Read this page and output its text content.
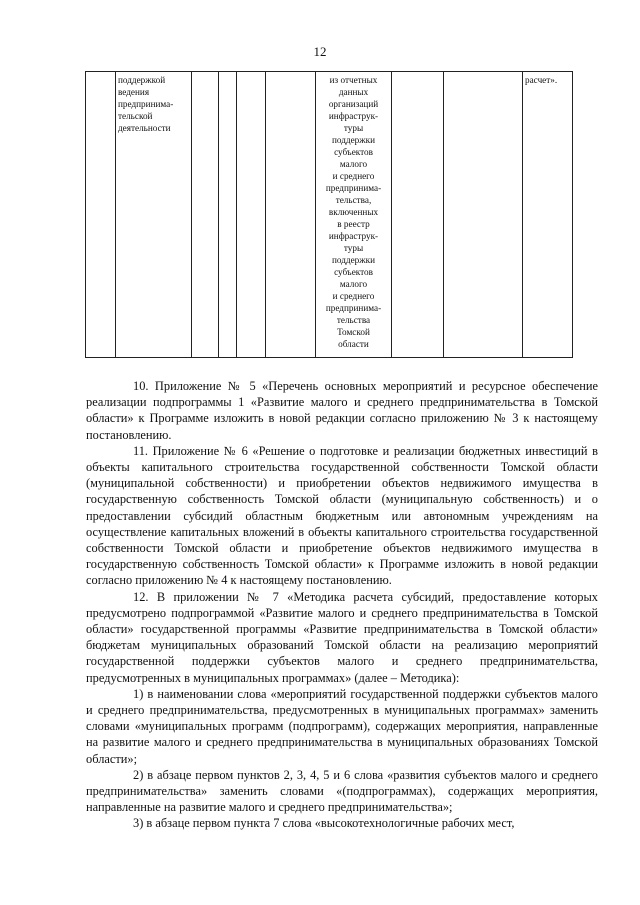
12

поддержкой
ведения
предпринима-
тельской
деятельности

из отчетных
данных
организаций
инфраструк-
туры
поддержки
субъектов
малого
и среднего
предпринима-
тельства,
включенных
в реестр
инфраструк-
туры
поддержки
субъектов
малого
и среднего
предпринима-
тельства
Томской
области

расчет».
10. Приложение № 5 «Перечень основных мероприятий и ресурсное обеспечение реализации подпрограммы 1 «Развитие малого и среднего предпринимательства в Томской области» к Программе изложить в новой редакции согласно приложению № 3 к настоящему постановлению.
11. Приложение № 6 «Решение о подготовке и реализации бюджетных инвестиций в объекты капитального строительства государственной собственности Томской области (муниципальной собственности) и приобретении объектов недвижимого имущества в государственную собственность Томской области (муниципальную собственность) и о предоставлении субсидий областным бюджетным или автономным учреждениям на осуществление капитальных вложений в объекты капитального строительства государственной собственности Томской области и приобретение объектов недвижимого имущества в государственную собственность Томской области» к Программе изложить в новой редакции согласно приложению № 4 к настоящему постановлению.
12. В приложении № 7 «Методика расчета субсидий, предоставление которых предусмотрено подпрограммой «Развитие малого и среднего предпринимательства в Томской области» государственной программы «Развитие предпринимательства в Томской области» бюджетам муниципальных образований Томской области на реализацию мероприятий государственной поддержки субъектов малого и среднего предпринимательства, предусмотренных в муниципальных программах» (далее – Методика):
1) в наименовании слова «мероприятий государственной поддержки субъектов малого и среднего предпринимательства, предусмотренных в муниципальных программах» заменить словами «муниципальных программ (подпрограмм), содержащих мероприятия, направленные на развитие малого и среднего предпринимательства в муниципальных образованиях Томской области»;
2) в абзаце первом пунктов 2, 3, 4, 5 и 6 слова «развития субъектов малого и среднего предпринимательства» заменить словами «(подпрограммах), содержащих мероприятия, направленные на развитие малого и среднего предпринимательства»;
3) в абзаце первом пункта 7 слова «высокотехнологичные рабочих мест,
